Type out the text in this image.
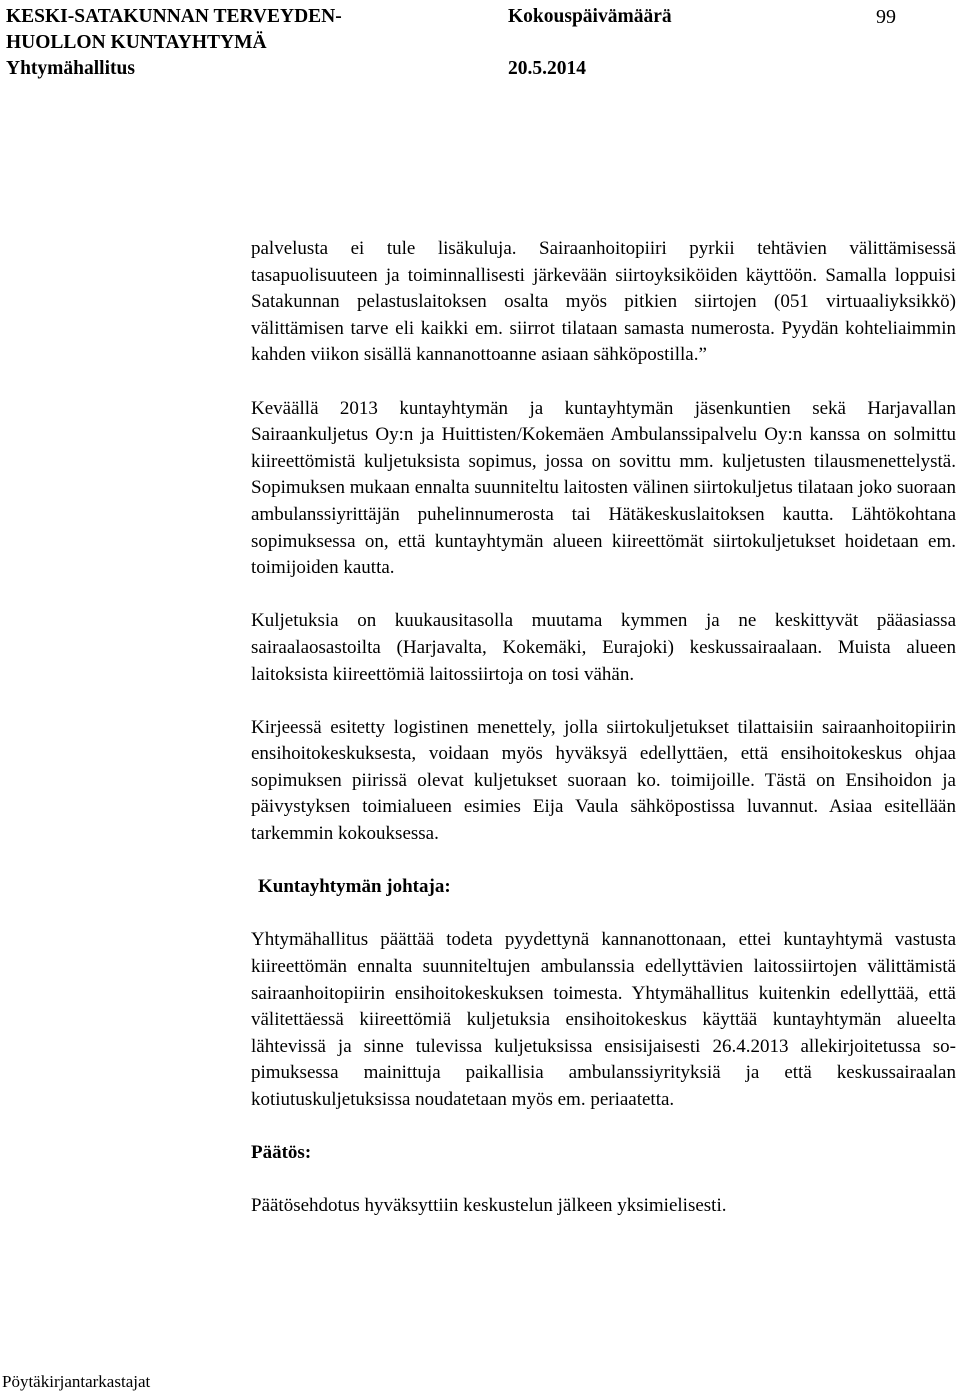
KESKI-SATAKUNNAN TERVEYDEN-
HUOLLON KUNTAYHTYMÄ
Yhtymähallitus
Kokouspäivämäärä
20.5.2014
99

palvelusta ei tule lisäkuluja. Sairaanhoitopiiri pyrkii tehtävien välittämisessä tasapuolisuuteen ja toiminnallisesti järkevään siirtoyksiköiden käyttöön. Samalla loppuisi Satakunnan pelastuslaitoksen osalta myös pitkien siirtojen (051 virtuaaliyksikkö) välittämisen tarve eli kaikki em. siirrot tilataan samasta numerosta. Pyydän kohteliaimmin kahden viikon sisällä kannanottoanne asiaan sähköpostilla.”

Keväällä 2013 kuntayhtymän ja kuntayhtymän jäsenkuntien sekä Harjavallan Sairaankuljetus Oy:n ja Huittisten/Kokemäen Ambulanssipalvelu Oy:n kanssa on solmittu kiireettömistä kuljetuksista sopimus, jossa on sovittu mm. kuljetusten tilausmenettelystä. Sopimuksen mukaan ennalta suunniteltu laitosten välinen siirtokuljetus tilataan joko suoraan ambulanssiyrittäjän puhelinnumerosta tai Hätäkeskuslaitoksen kautta. Lähtökohtana sopimuksessa on, että kuntayhtymän alueen kiireettömät siirtokuljetukset hoidetaan em. toimijoiden kautta.

Kuljetuksia on kuukausitasolla muutama kymmen ja ne keskittyvät pääasiassa sairaalaosastoilta (Harjavalta, Kokemäki, Eurajoki) keskussairaalaan. Muista alueen laitoksista kiireettömiä laitossiirtoja on tosi vähän.

Kirjeessä esitetty logistinen menettely, jolla siirtokuljetukset tilattaisiin sairaanhoitopiirin ensihoitokeskuksesta, voidaan myös hyväksyä edellyttäen, että ensihoitokeskus ohjaa sopimuksen piirissä olevat kuljetukset suoraan ko. toimijoille. Tästä on Ensihoidon ja päivystyksen toimialueen esimies Eija Vaula sähköpostissa luvannut. Asiaa esitellään tarkemmin kokouksessa.

Kuntayhtymän johtaja:

Yhtymähallitus päättää todeta pyydettynä kannanottonaan, ettei kuntayhtymä vastusta kiireettömän ennalta suunniteltujen ambulanssia edellyttävien laitossiirtojen välittämistä sairaanhoitopiirin ensihoitokeskuksen toimesta. Yhtymähallitus kuitenkin edellyttää, että välitettäessä kiireettömiä kuljetuksia ensihoitokeskus käyttää kuntayhtymän alueelta lähtevissä ja sinne tulevissa kuljetuksissa ensisijaisesti 26.4.2013 allekirjoitetussa sopimuksessa mainittuja paikallisia ambulanssiyrityksiä ja että keskussairaalan kotiutuskuljetuksissa noudatetaan myös em. periaatetta.

Päätös:

Päätösehdotus hyväksyttiin keskustelun jälkeen yksimielisesti.

Pöytäkirjantarkastajat
